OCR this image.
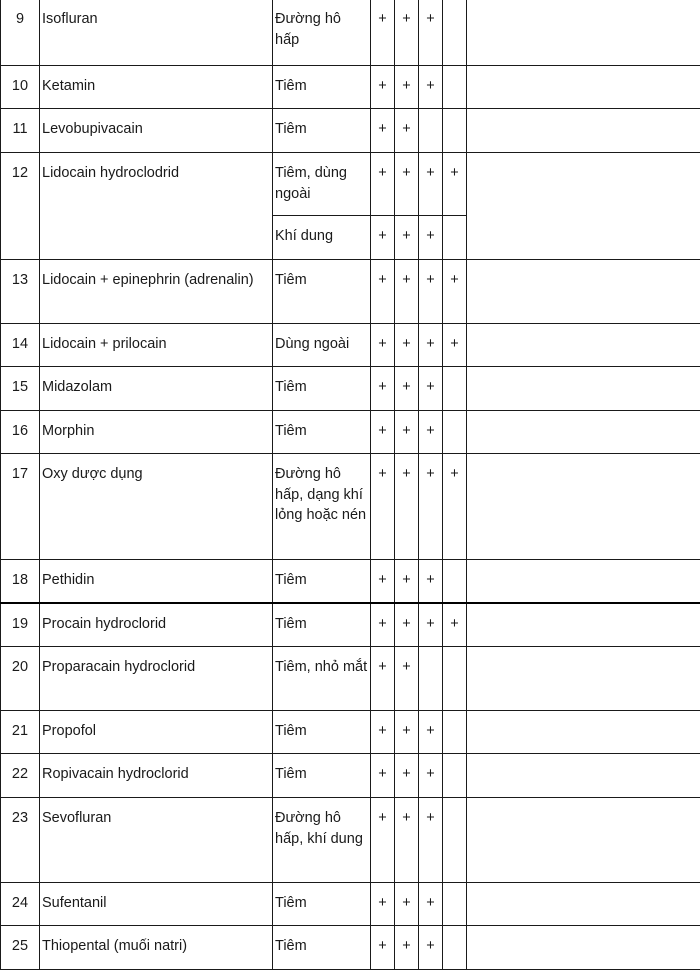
9	Isofluran	Đường hô hấp	+	+	+		
10	Ketamin	Tiêm	+	+	+		
11	Levobupivacain	Tiêm	+	+			
12	Lidocain hydroclodrid	Tiêm, dùng ngoài	+	+	+	+	
		Khí dung	+	+	+		
13	Lidocain + epinephrin (adrenalin)	Tiêm	+	+	+	+	
14	Lidocain + prilocain	Dùng ngoài	+	+	+	+	
15	Midazolam	Tiêm	+	+	+		
16	Morphin	Tiêm	+	+	+		
17	Oxy dược dụng	Đường hô hấp, dạng khí lỏng hoặc nén	+	+	+	+	
18	Pethidin	Tiêm	+	+	+		
19	Procain hydroclorid	Tiêm	+	+	+	+	
20	Proparacain hydroclorid	Tiêm, nhỏ mắt	+	+			
21	Propofol	Tiêm	+	+	+		
22	Ropivacain hydroclorid	Tiêm	+	+	+		
23	Sevofluran	Đường hô hấp, khí dung	+	+	+		
24	Sufentanil	Tiêm	+	+	+		
25	Thiopental (muối natri)	Tiêm	+	+	+		
